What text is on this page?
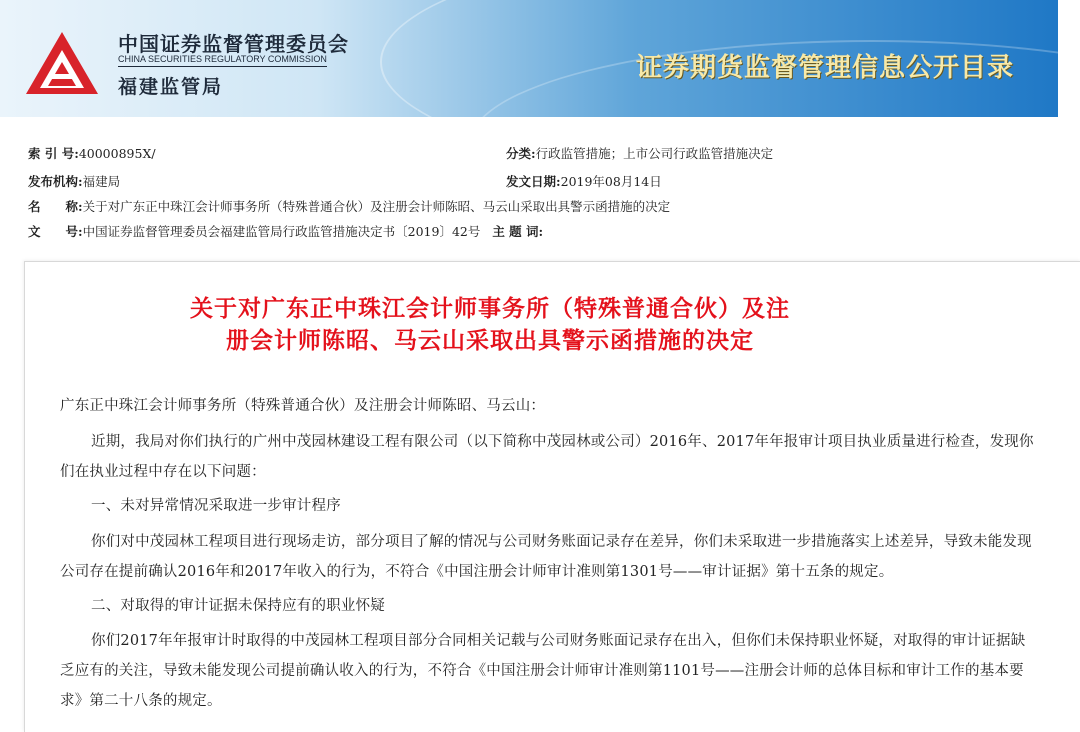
中国证券监督管理委员会
CHINA SECURITIES REGULATORY COMMISSION
福建监管局
证券期货监督管理信息公开目录
索 引 号:40000895X/	分类:行政监管措施；上市公司行政监管措施决定
发布机构:福建局	发文日期:2019年08月14日
名　　称:关于对广东正中珠江会计师事务所（特殊普通合伙）及注册会计师陈昭、马云山采取出具警示函措施的决定
文　　号:中国证券监督管理委员会福建监管局行政监管措施决定书〔2019〕42号 主 题 词:
关于对广东正中珠江会计师事务所（特殊普通合伙）及注
册会计师陈昭、马云山采取出具警示函措施的决定
广东正中珠江会计师事务所（特殊普通合伙）及注册会计师陈昭、马云山：
近期，我局对你们执行的广州中茂园林建设工程有限公司（以下简称中茂园林或公司）2016年、2017年年报审计项目执业质量进行检查，发现你
们在执业过程中存在以下问题：
一、未对异常情况采取进一步审计程序
你们对中茂园林工程项目进行现场走访，部分项目了解的情况与公司财务账面记录存在差异，你们未采取进一步措施落实上述差异，导致未能发现
公司存在提前确认2016年和2017年收入的行为，不符合《中国注册会计师审计准则第1301号——审计证据》第十五条的规定。
二、对取得的审计证据未保持应有的职业怀疑
你们2017年年报审计时取得的中茂园林工程项目部分合同相关记载与公司财务账面记录存在出入，但你们未保持职业怀疑，对取得的审计证据缺
乏应有的关注，导致未能发现公司提前确认收入的行为，不符合《中国注册会计师审计准则第1101号——注册会计师的总体目标和审计工作的基本要
求》第二十八条的规定。
